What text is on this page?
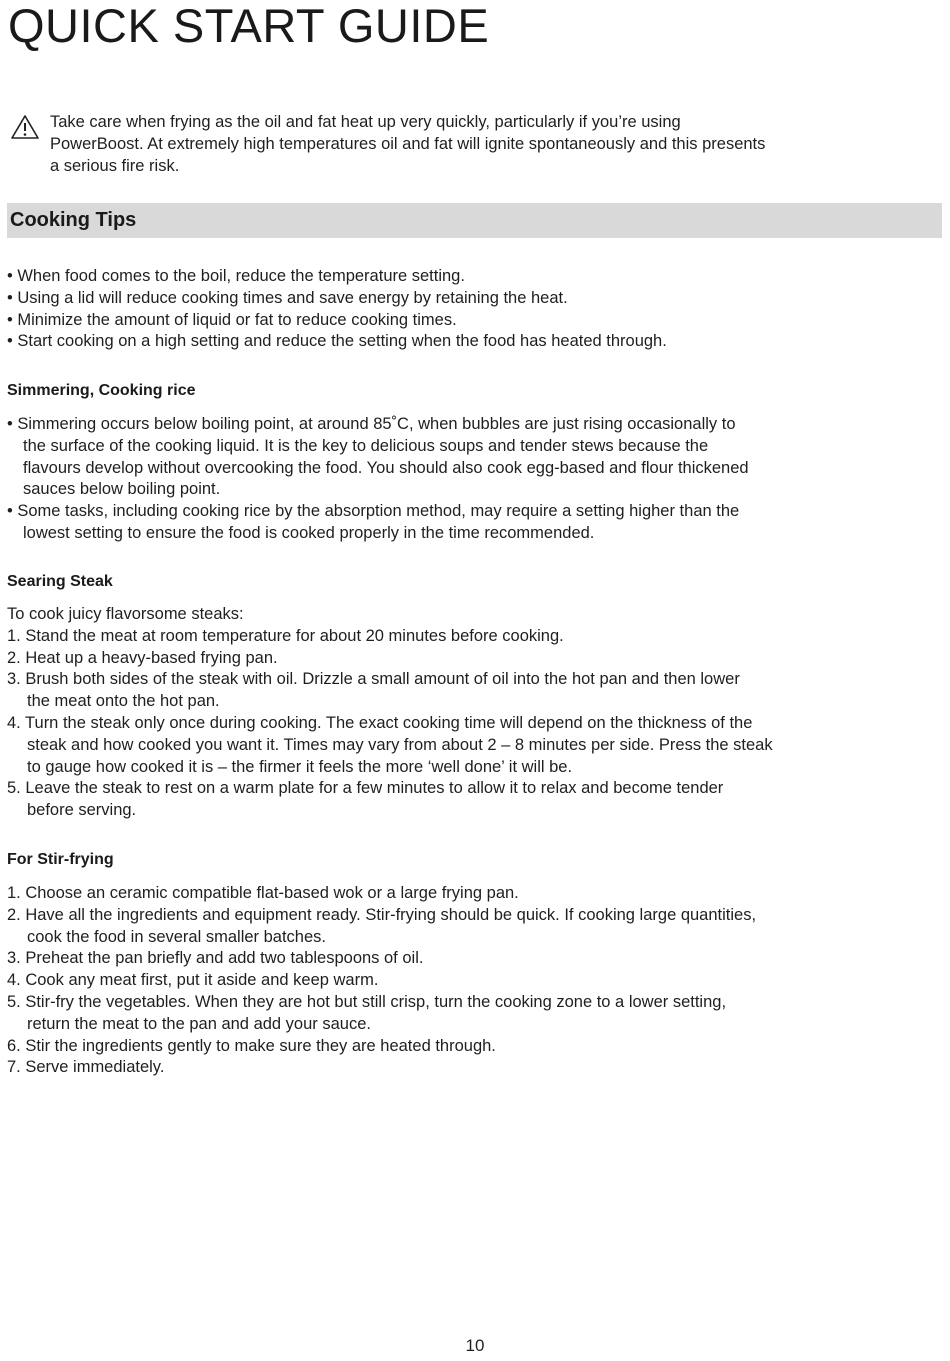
QUICK START GUIDE

Take care when frying as the oil and fat heat up very quickly, particularly if you’re using
PowerBoost. At extremely high temperatures oil and fat will ignite spontaneously and this presents
a serious fire risk.

Cooking Tips
• When food comes to the boil, reduce the temperature setting.
• Using a lid will reduce cooking times and save energy by retaining the heat.
• Minimize the amount of liquid or fat to reduce cooking times.
• Start cooking on a high setting and reduce the setting when the food has heated through.
Simmering, Cooking rice
• Simmering occurs below boiling point, at around 85˚C, when bubbles are just rising occasionally to
the surface of the cooking liquid. It is the key to delicious soups and tender stews because the
flavours develop without overcooking the food. You should also cook egg-based and flour thickened
sauces below boiling point.
• Some tasks, including cooking rice by the absorption method, may require a setting higher than the
lowest setting to ensure the food is cooked properly in the time recommended.
Searing Steak
To cook juicy flavorsome steaks:
1. Stand the meat at room temperature for about 20 minutes before cooking.
2. Heat up a heavy-based frying pan.
3. Brush both sides of the steak with oil. Drizzle a small amount of oil into the hot pan and then lower
the meat onto the hot pan.
4. Turn the steak only once during cooking. The exact cooking time will depend on the thickness of the
steak and how cooked you want it. Times may vary from about 2 – 8 minutes per side. Press the steak
to gauge how cooked it is – the firmer it feels the more ‘well done’ it will be.
5. Leave the steak to rest on a warm plate for a few minutes to allow it to relax and become tender
before serving.
For Stir-frying
1. Choose an ceramic compatible flat-based wok or a large frying pan.
2. Have all the ingredients and equipment ready. Stir-frying should be quick. If cooking large quantities,
cook the food in several smaller batches.
3. Preheat the pan briefly and add two tablespoons of oil.
4. Cook any meat first, put it aside and keep warm.
5. Stir-fry the vegetables. When they are hot but still crisp, turn the cooking zone to a lower setting,
return the meat to the pan and add your sauce.
6. Stir the ingredients gently to make sure they are heated through.
7. Serve immediately.
10
